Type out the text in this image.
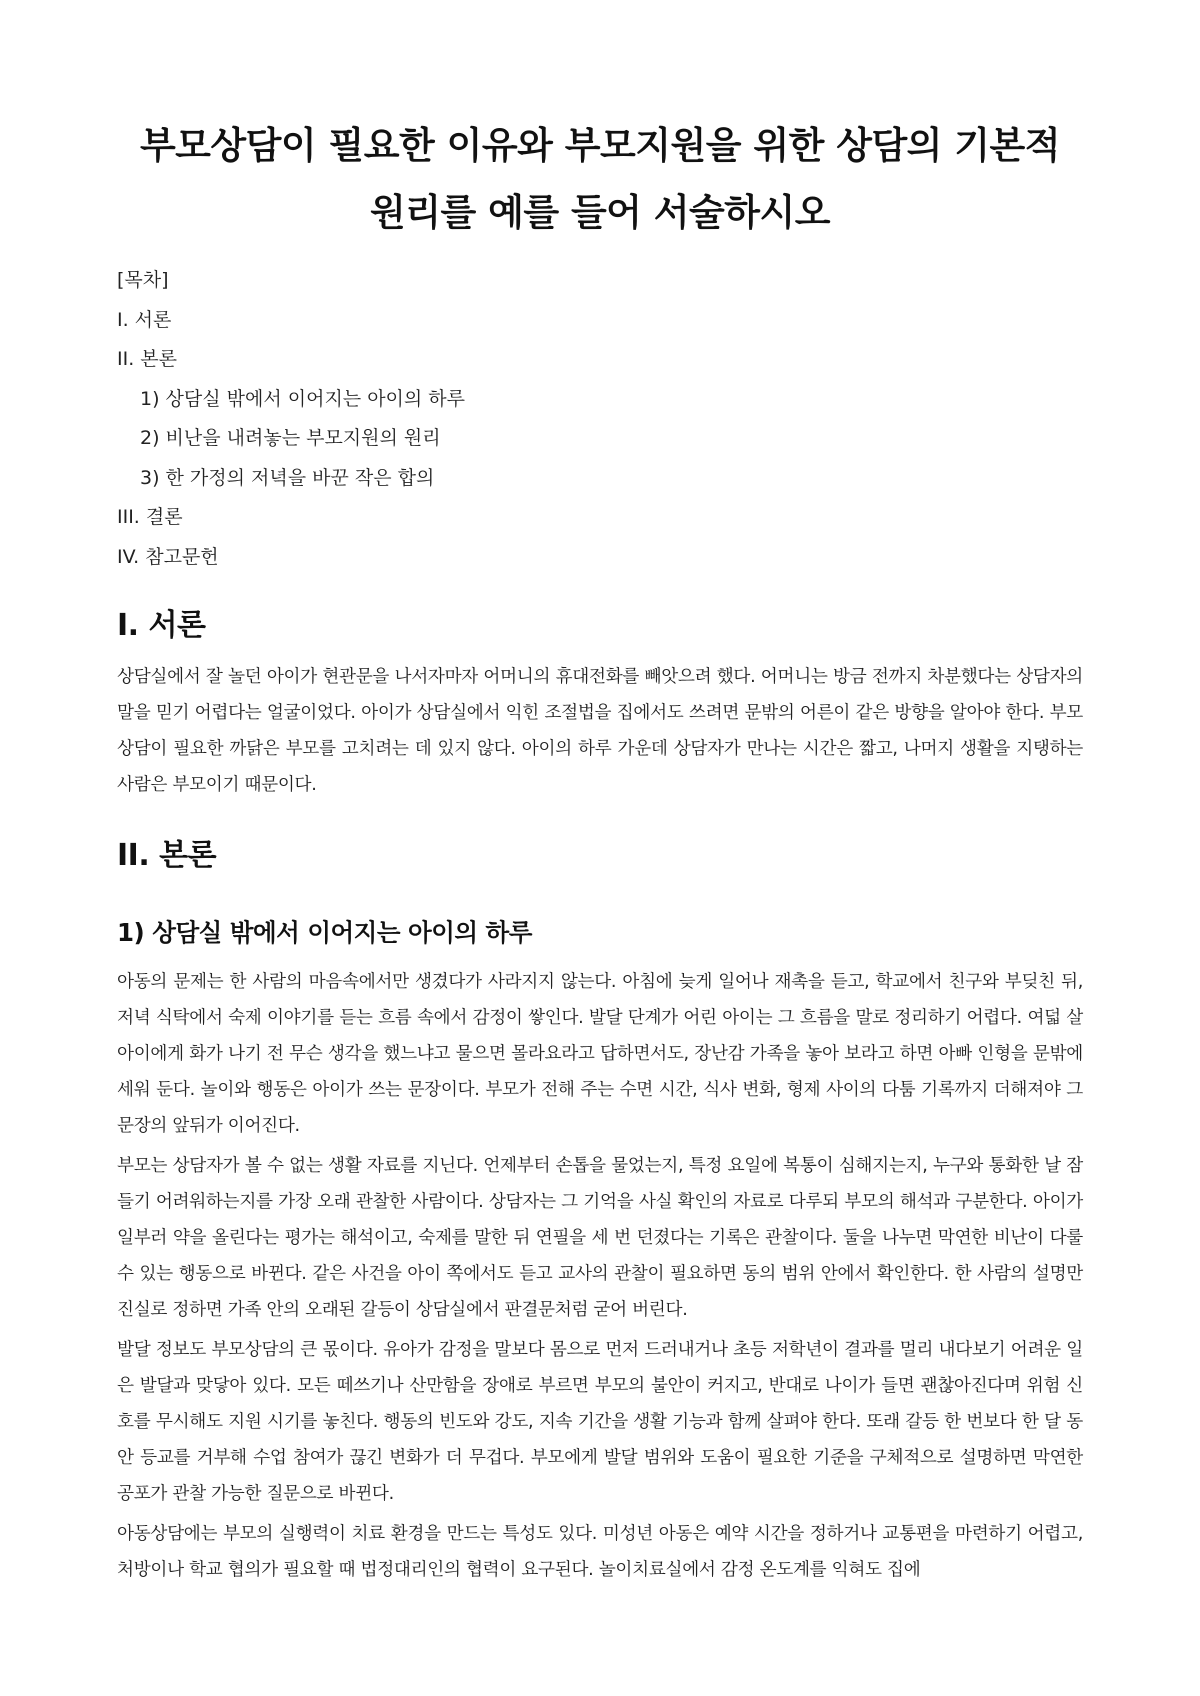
부모상담이 필요한 이유와 부모지원을 위한 상담의 기본적 원리를 예를 들어 서술하시오
[목차]
I. 서론
II. 본론
1) 상담실 밖에서 이어지는 아이의 하루
2) 비난을 내려놓는 부모지원의 원리
3) 한 가정의 저녁을 바꾼 작은 합의
III. 결론
IV. 참고문헌
I. 서론

상담실에서 잘 놀던 아이가 현관문을 나서자마자 어머니의 휴대전화를 빼앗으려 했다. 어머니는 방금 전까지 차분했다는 상담자의 말을 믿기 어렵다는 얼굴이었다. 아이가 상담실에서 익힌 조절법을 집에서도 쓰려면 문밖의 어른이 같은 방향을 알아야 한다. 부모상담이 필요한 까닭은 부모를 고치려는 데 있지 않다. 아이의 하루 가운데 상담자가 만나는 시간은 짧고, 나머지 생활을 지탱하는 사람은 부모이기 때문이다.

II. 본론
1) 상담실 밖에서 이어지는 아이의 하루

아동의 문제는 한 사람의 마음속에서만 생겼다가 사라지지 않는다. 아침에 늦게 일어나 재촉을 듣고, 학교에서 친구와 부딪친 뒤, 저녁 식탁에서 숙제 이야기를 듣는 흐름 속에서 감정이 쌓인다. 발달 단계가 어린 아이는 그 흐름을 말로 정리하기 어렵다. 여덟 살 아이에게 화가 나기 전 무슨 생각을 했느냐고 물으면 몰라요라고 답하면서도, 장난감 가족을 놓아 보라고 하면 아빠 인형을 문밖에 세워 둔다. 놀이와 행동은 아이가 쓰는 문장이다. 부모가 전해 주는 수면 시간, 식사 변화, 형제 사이의 다툼 기록까지 더해져야 그 문장의 앞뒤가 이어진다.

부모는 상담자가 볼 수 없는 생활 자료를 지닌다. 언제부터 손톱을 물었는지, 특정 요일에 복통이 심해지는지, 누구와 통화한 날 잠들기 어려워하는지를 가장 오래 관찰한 사람이다. 상담자는 그 기억을 사실 확인의 자료로 다루되 부모의 해석과 구분한다. 아이가 일부러 약을 올린다는 평가는 해석이고, 숙제를 말한 뒤 연필을 세 번 던졌다는 기록은 관찰이다. 둘을 나누면 막연한 비난이 다룰 수 있는 행동으로 바뀐다. 같은 사건을 아이 쪽에서도 듣고 교사의 관찰이 필요하면 동의 범위 안에서 확인한다. 한 사람의 설명만 진실로 정하면 가족 안의 오래된 갈등이 상담실에서 판결문처럼 굳어 버린다.

발달 정보도 부모상담의 큰 몫이다. 유아가 감정을 말보다 몸으로 먼저 드러내거나 초등 저학년이 결과를 멀리 내다보기 어려운 일은 발달과 맞닿아 있다. 모든 떼쓰기나 산만함을 장애로 부르면 부모의 불안이 커지고, 반대로 나이가 들면 괜찮아진다며 위험 신호를 무시해도 지원 시기를 놓친다. 행동의 빈도와 강도, 지속 기간을 생활 기능과 함께 살펴야 한다. 또래 갈등 한 번보다 한 달 동안 등교를 거부해 수업 참여가 끊긴 변화가 더 무겁다. 부모에게 발달 범위와 도움이 필요한 기준을 구체적으로 설명하면 막연한 공포가 관찰 가능한 질문으로 바뀐다.

아동상담에는 부모의 실행력이 치료 환경을 만드는 특성도 있다. 미성년 아동은 예약 시간을 정하거나 교통편을 마련하기 어렵고, 처방이나 학교 협의가 필요할 때 법정대리인의 협력이 요구된다. 놀이치료실에서 감정 온도계를 익혀도 집에
